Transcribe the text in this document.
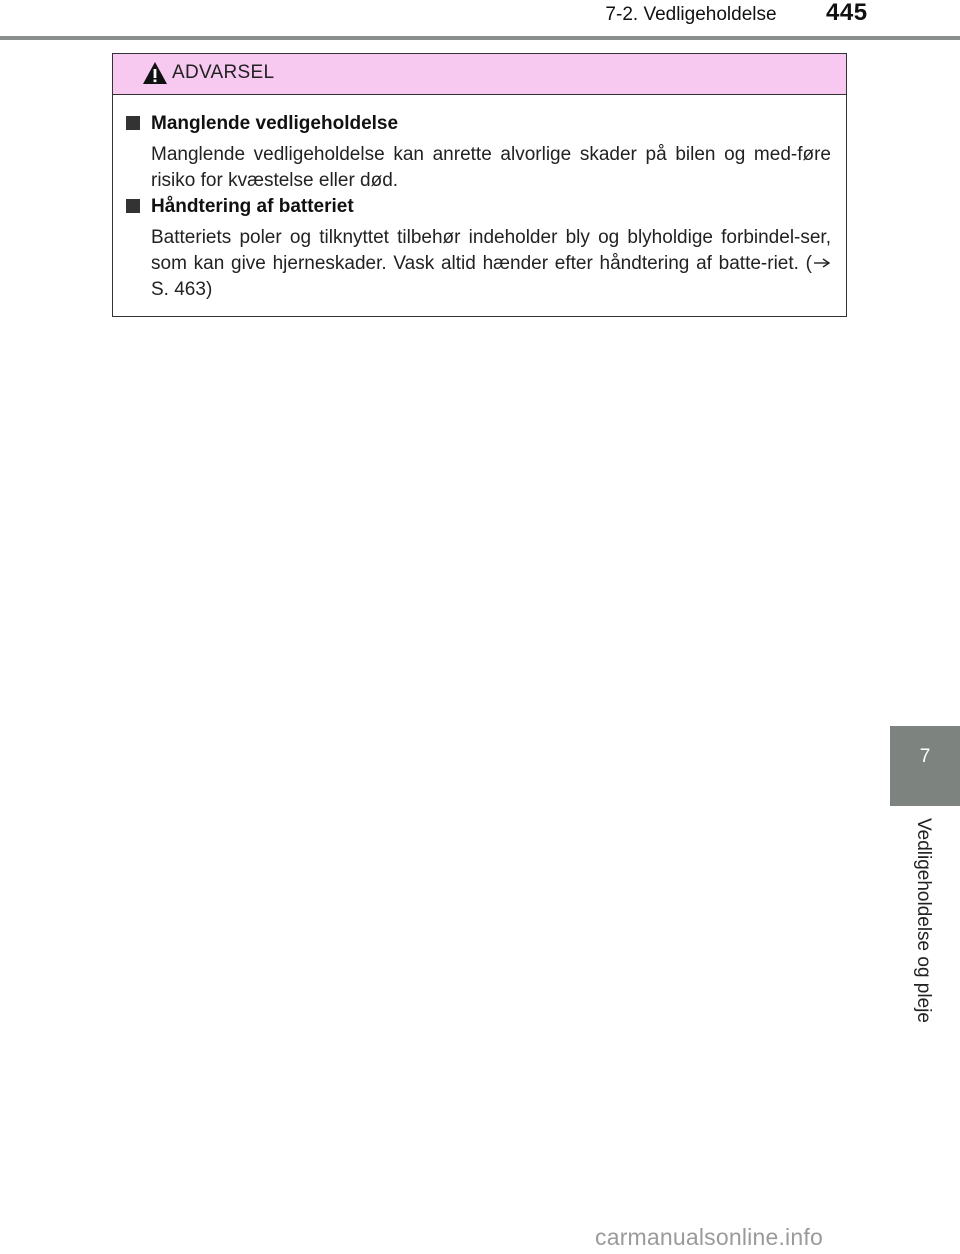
7-2. Vedligeholdelse 445
ADVARSEL
Manglende vedligeholdelse
Manglende vedligeholdelse kan anrette alvorlige skader på bilen og med-føre risiko for kvæstelse eller død.
Håndtering af batteriet
Batteriets poler og tilknyttet tilbehør indeholder bly og blyholdige forbindel-ser, som kan give hjerneskader. Vask altid hænder efter håndtering af batte-riet. (S. 463)
7
Vedligeholdelse og pleje
carmanualsonline.info
